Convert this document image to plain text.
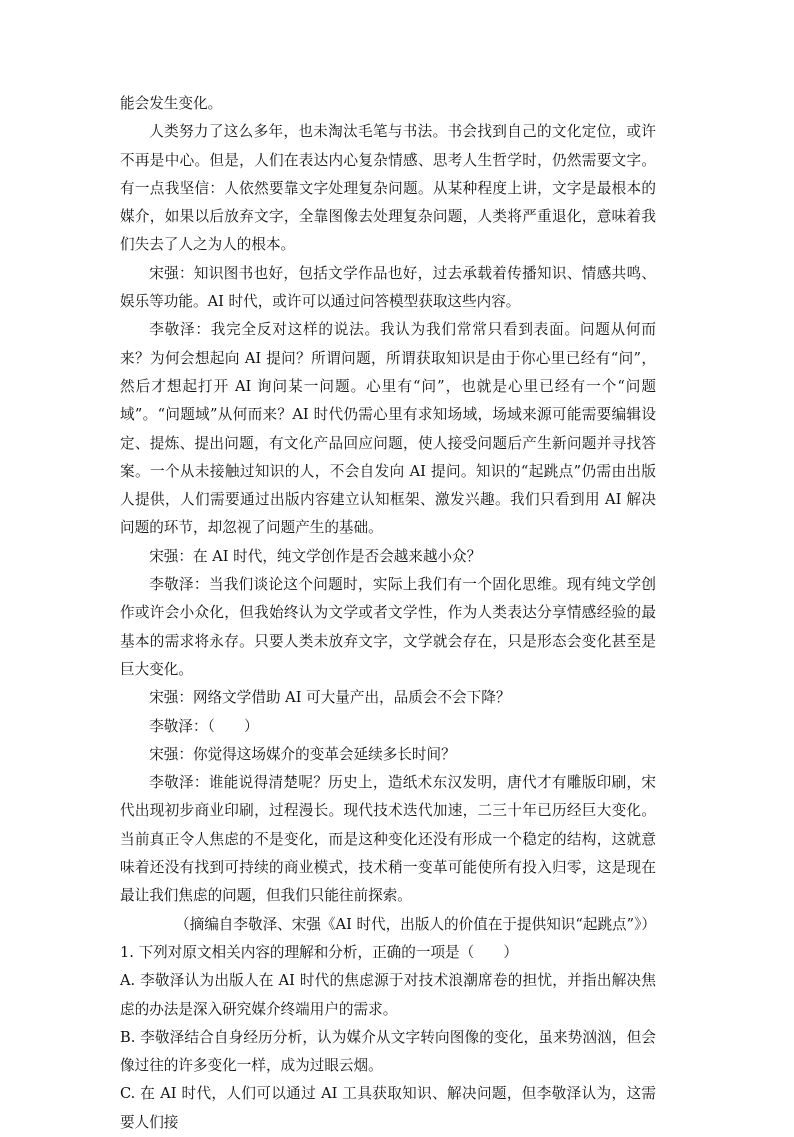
能会发生变化。

人类努力了这么多年，也未淘汰毛笔与书法。书会找到自己的文化定位，或许不再是中心。但是，人们在表达内心复杂情感、思考人生哲学时，仍然需要文字。有一点我坚信：人依然要靠文字处理复杂问题。从某种程度上讲，文字是最根本的媒介，如果以后放弃文字，全靠图像去处理复杂问题，人类将严重退化，意味着我们失去了人之为人的根本。

宋强：知识图书也好，包括文学作品也好，过去承载着传播知识、情感共鸣、娱乐等功能。AI 时代，或许可以通过问答模型获取这些内容。

李敬泽：我完全反对这样的说法。我认为我们常常只看到表面。问题从何而来？为何会想起向 AI 提问？所谓问题，所谓获取知识是由于你心里已经有“问”，然后才想起打开 AI 询问某一问题。心里有“问”，也就是心里已经有一个“问题域”。“问题域”从何而来？AI 时代仍需心里有求知场域，场域来源可能需要编辑设定、提炼、提出问题，有文化产品回应问题，使人接受问题后产生新问题并寻找答案。一个从未接触过知识的人，不会自发向 AI 提问。知识的“起跳点”仍需由出版人提供，人们需要通过出版内容建立认知框架、激发兴趣。我们只看到用 AI 解决问题的环节，却忽视了问题产生的基础。

宋强：在 AI 时代，纯文学创作是否会越来越小众？

李敬泽：当我们谈论这个问题时，实际上我们有一个固化思维。现有纯文学创作或许会小众化，但我始终认为文学或者文学性，作为人类表达分享情感经验的最基本的需求将永存。只要人类未放弃文字，文学就会存在，只是形态会变化甚至是巨大变化。

宋强：网络文学借助 AI 可大量产出，品质会不会下降？

李敬泽：（　　）

宋强：你觉得这场媒介的变革会延续多长时间？

李敬泽：谁能说得清楚呢？历史上，造纸术东汉发明，唐代才有雕版印刷，宋代出现初步商业印刷，过程漫长。现代技术迭代加速，二三十年已历经巨大变化。当前真正令人焦虑的不是变化，而是这种变化还没有形成一个稳定的结构，这就意味着还没有找到可持续的商业模式，技术稍一变革可能使所有投入归零，这是现在最让我们焦虑的问题，但我们只能往前探索。

（摘编自李敬泽、宋强《AI 时代，出版人的价值在于提供知识“起跳点”》）

1. 下列对原文相关内容的理解和分析，正确的一项是（　　）

A. 李敬泽认为出版人在 AI 时代的焦虑源于对技术浪潮席卷的担忧，并指出解决焦虑的办法是深入研究媒介终端用户的需求。

B. 李敬泽结合自身经历分析，认为媒介从文字转向图像的变化，虽来势汹汹，但会像过往的许多变化一样，成为过眼云烟。

C. 在 AI 时代，人们可以通过 AI 工具获取知识、解决问题，但李敬泽认为，这需要人们接
